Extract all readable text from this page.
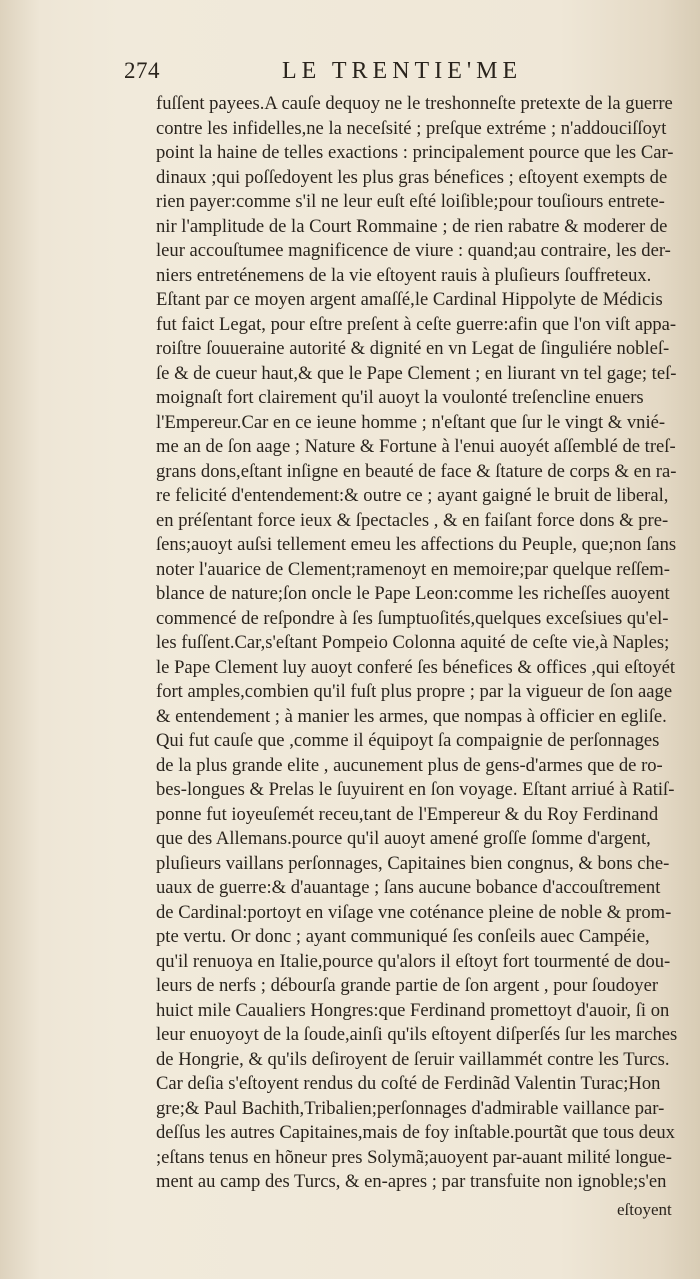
274	LE TRENTIE'ME
fuſſent payees.A cauſe dequoy ne le treshonneſte pretexte de la guerre
contre les infidelles,ne la neceſsité ; preſque extréme ; n'addouciſſoyt
point la haine de telles exactions : principalement pource que les Car-
dinaux ;qui poſſedoyent les plus gras bénefices ; eſtoyent exempts de
rien payer:comme s'il ne leur euſt eſté loiſible;pour touſiours entrete-
nir l'amplitude de la Court Rommaine ; de rien rabatre & moderer de
leur accouſtumee magnificence de viure : quand;au contraire, les der-
niers entreténemens de la vie eſtoyent rauis à pluſieurs ſouffreteux.
Eſtant par ce moyen argent amaſſé,le Cardinal Hippolyte de Médicis
fut faict Legat, pour eſtre preſent à ceſte guerre:afin que l'on viſt appa-
roiſtre ſouueraine autorité & dignité en vn Legat de ſinguliére nobleſ-
ſe & de cueur haut,& que le Pape Clement ; en liurant vn tel gage; teſ-
moignaſt fort clairement qu'il auoyt la voulonté treſencline enuers
l'Empereur.Car en ce ieune homme ; n'eſtant que ſur le vingt & vnié-
me an de ſon aage ; Nature & Fortune à l'enui auoyét aſſemblé de treſ-
grans dons,eſtant inſigne en beauté de face & ſtature de corps & en ra-
re felicité d'entendement:& outre ce ; ayant gaigné le bruit de liberal,
en préſentant force ieux & ſpectacles , & en faiſant force dons & pre-
ſens;auoyt auſsi tellement emeu les affections du Peuple, que;non ſans
noter l'auarice de Clement;ramenoyt en memoire;par quelque reſſem-
blance de nature;ſon oncle le Pape Leon:comme les richeſſes auoyent
commencé de reſpondre à ſes ſumptuoſités,quelques exceſsiues qu'el-
les fuſſent.Car,s'eſtant Pompeio Colonna aquité de ceſte vie,à Naples;
le Pape Clement luy auoyt conferé ſes bénefices & offices ,qui eſtoyét
fort amples,combien qu'il fuſt plus propre ; par la vigueur de ſon aage
& entendement ; à manier les armes, que nompas à officier en egliſe.
Qui fut cauſe que ,comme il équipoyt ſa compaignie de perſonnages
de la plus grande elite , aucunement plus de gens-d'armes que de ro-
bes-longues & Prelas le ſuyuirent en ſon voyage. Eſtant arriué à Ratiſ-
ponne fut ioyeuſemét receu,tant de l'Empereur & du Roy Ferdinand
que des Allemans.pource qu'il auoyt amené groſſe ſomme d'argent,
pluſieurs vaillans perſonnages, Capitaines bien congnus, & bons che-
uaux de guerre:& d'auantage ; ſans aucune bobance d'accouſtrement
de Cardinal:portoyt en viſage vne coténance pleine de noble & prom-
pte vertu. Or donc ; ayant communiqué ſes conſeils auec Campéie,
qu'il renuoya en Italie,pource qu'alors il eſtoyt fort tourmenté de dou-
leurs de nerfs ; débourſa grande partie de ſon argent , pour ſoudoyer
huict mile Caualiers Hongres:que Ferdinand promettoyt d'auoir, ſi on
leur enuoyoyt de la ſoude,ainſi qu'ils eſtoyent diſperſés ſur les marches
de Hongrie, & qu'ils deſiroyent de ſeruir vaillammét contre les Turcs.
Car deſia s'eſtoyent rendus du coſté de Ferdinãd Valentin Turac;Hon
gre;& Paul Bachith,Tribalien;perſonnages d'admirable vaillance par-
deſſus les autres Capitaines,mais de foy inſtable.pourtãt que tous deux
;eſtans tenus en hõneur pres Solymã;auoyent par-auant milité longue-
ment au camp des Turcs, & en-apres ; par transfuite non ignoble;s'en
eſtoyent
